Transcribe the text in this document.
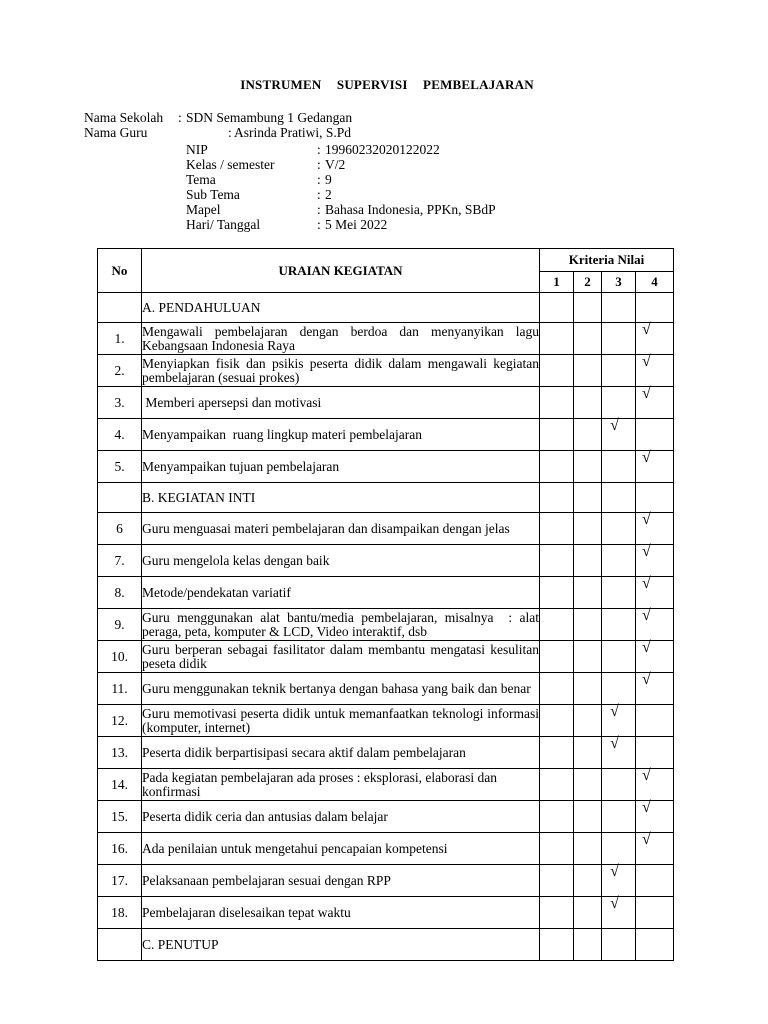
INSTRUMEN SUPERVISI PEMBELAJARAN
Nama Sekolah : SDN Semambung 1 Gedangan
Nama Guru	: Asrinda Pratiwi, S.Pd
NIP	: 19960232020122022
Kelas / semester	: V/2
Tema	: 9
Sub Tema	: 2
Mapel	: Bahasa Indonesia, PPKn, SBdP
Hari/ Tanggal	: 5 Mei 2022
No	URAIAN KEGIATAN	Kriteria Nilai			
		1	2	3	4
	A. PENDAHULUAN				
1.	Mengawali pembelajaran dengan berdoa dan menyanyikan lagu Kebangsaan Indonesia Raya				√

2.	Menyiapkan fisik dan psikis peserta didik dalam mengawali kegiatan pembelajaran (sesuai prokes)				√

3.	Memberi apersepsi dan motivasi				√

4.	Menyampaikan  ruang lingkup materi pembelajaran			√	

5.	Menyampaikan tujuan pembelajaran				√

	B. KEGIATAN INTI				
6	Guru menguasai materi pembelajaran dan disampaikan dengan jelas				√

7.	Guru mengelola kelas dengan baik				√

8.	Metode/pendekatan variatif				√

9.	Guru menggunakan alat bantu/media pembelajaran, misalnya  : alat peraga, peta, komputer & LCD, Video interaktif, dsb				√

10.	Guru berperan sebagai fasilitator dalam membantu mengatasi kesulitan peseta didik				√

11.	Guru menggunakan teknik bertanya dengan bahasa yang baik dan benar				√

12.	Guru memotivasi peserta didik untuk memanfaatkan teknologi informasi (komputer, internet)			√	

13.	Peserta didik berpartisipasi secara aktif dalam pembelajaran			√	

14.	Pada kegiatan pembelajaran ada proses : eksplorasi, elaborasi dan konfirmasi				√

15.	Peserta didik ceria dan antusias dalam belajar				√

16.	Ada penilaian untuk mengetahui pencapaian kompetensi				√

17.	Pelaksanaan pembelajaran sesuai dengan RPP			√	

18.	Pembelajaran diselesaikan tepat waktu			√	

	C. PENUTUP				
